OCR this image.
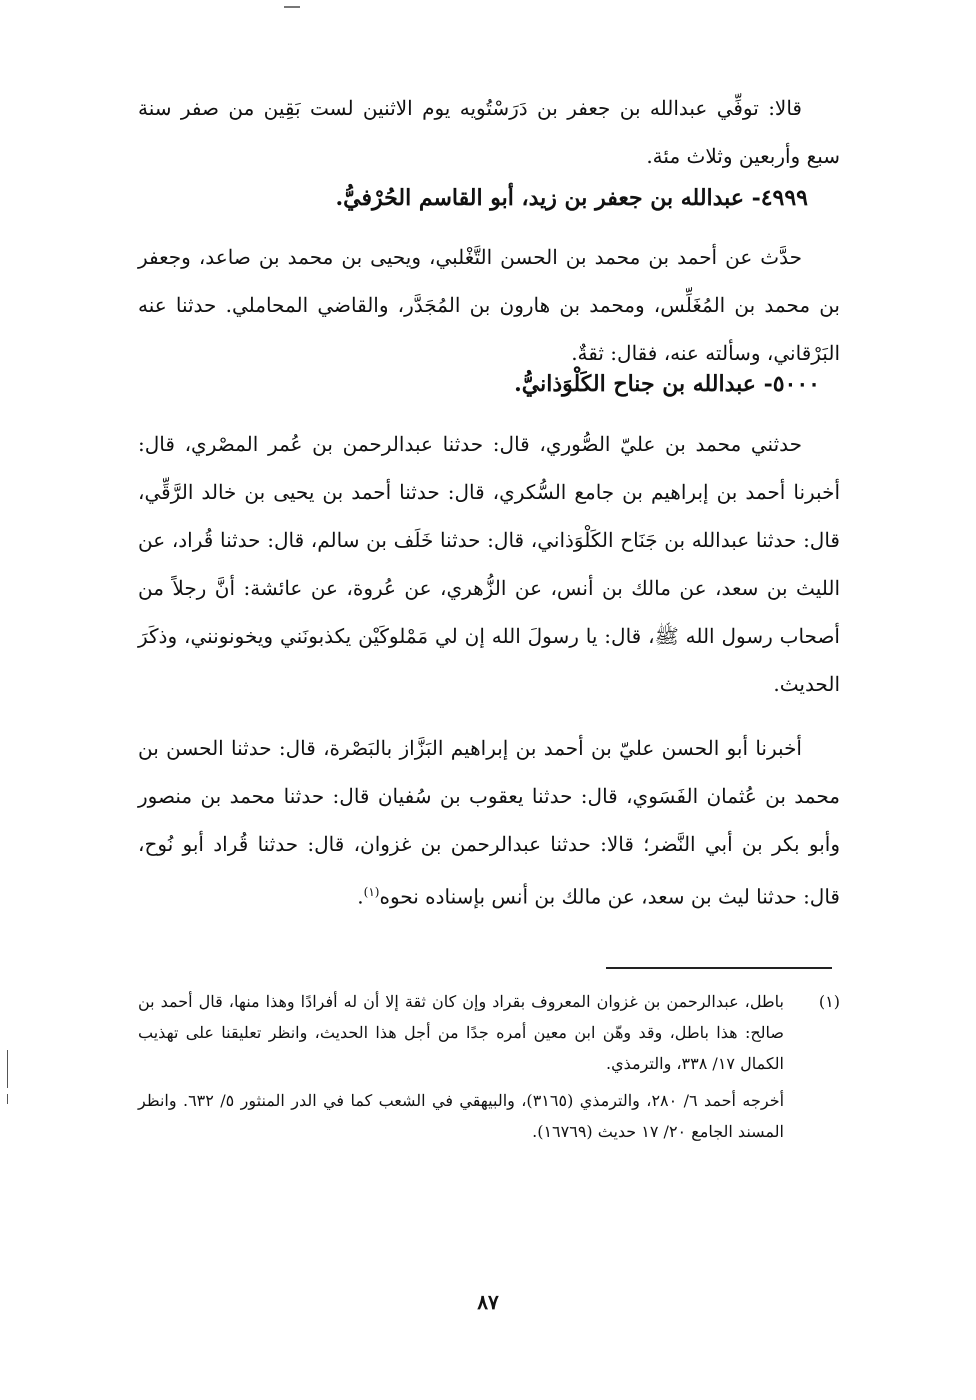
قالا: توفِّي عبدالله بن جعفر بن دَرَسْتُويه يوم الاثنين لست بَقِين من صفر سنة سبع وأربعين وثلاث مئة.

٤٩٩٩- عبدالله بن جعفر بن زيد، أبو القاسم الحُرْفيُّ.

حدَّث عن أحمد بن محمد بن الحسن التَّغْلبي، ويحيى بن محمد بن صاعد، وجعفر بن محمد بن المُغَلِّس، ومحمد بن هارون بن المُجَدَّر، والقاضي المحاملي. حدثنا عنه البَرْقاني، وسألته عنه، فقال: ثقةٌ.

٥٠٠٠- عبدالله بن جناح الكَلْوَذانيُّ.

حدثني محمد بن عليّ الصُّوري، قال: حدثنا عبدالرحمن بن عُمر المصْري، قال: أخبرنا أحمد بن إبراهيم بن جامع السُّكري، قال: حدثنا أحمد بن يحيى بن خالد الرَّقِّي، قال: حدثنا عبدالله بن جَنَاح الكَلْوَذاني، قال: حدثنا خَلَف بن سالم، قال: حدثنا قُراد، عن الليث بن سعد، عن مالك بن أنس، عن الزُّهري، عن عُروة، عن عائشة: أنَّ رجلاً من أصحاب رسول الله ﷺ، قال: يا رسولَ الله إن لي مَمْلوكَيْن يكذبونَني ويخونونني، وذكَرَ الحديث.

أخبرنا أبو الحسن عليّ بن أحمد بن إبراهيم البَزَّاز بالبَصْرة، قال: حدثنا الحسن بن محمد بن عُثمان الفَسَوي، قال: حدثنا يعقوب بن سُفيان قال: حدثنا محمد بن منصور وأبو بكر بن أبي النَّضر؛ قالا: حدثنا عبدالرحمن بن غزوان، قال: حدثنا قُراد أبو نُوح، قال: حدثنا ليث بن سعد، عن مالك بن أنس بإسناده نحوه$^{(١)}$.

(١)

باطل، عبدالرحمن بن غزوان المعروف بقراد وإن كان ثقة إلا أن له أفرادًا وهذا منها، قال أحمد بن صالح: هذا باطل، وقد وهّن ابن معين أمره جدًا من أجل هذا الحديث، وانظر تعليقنا على تهذيب الكمال ١٧/ ٣٣٨، والترمذي.

أخرجه أحمد ٦/ ٢٨٠، والترمذي (٣١٦٥)، والبيهقي في الشعب كما في الدر المنثور ٥/ ٦٣٢. وانظر المسند الجامع ٢٠/ ١٧ حديث (١٦٧٦٩).

٨٧
